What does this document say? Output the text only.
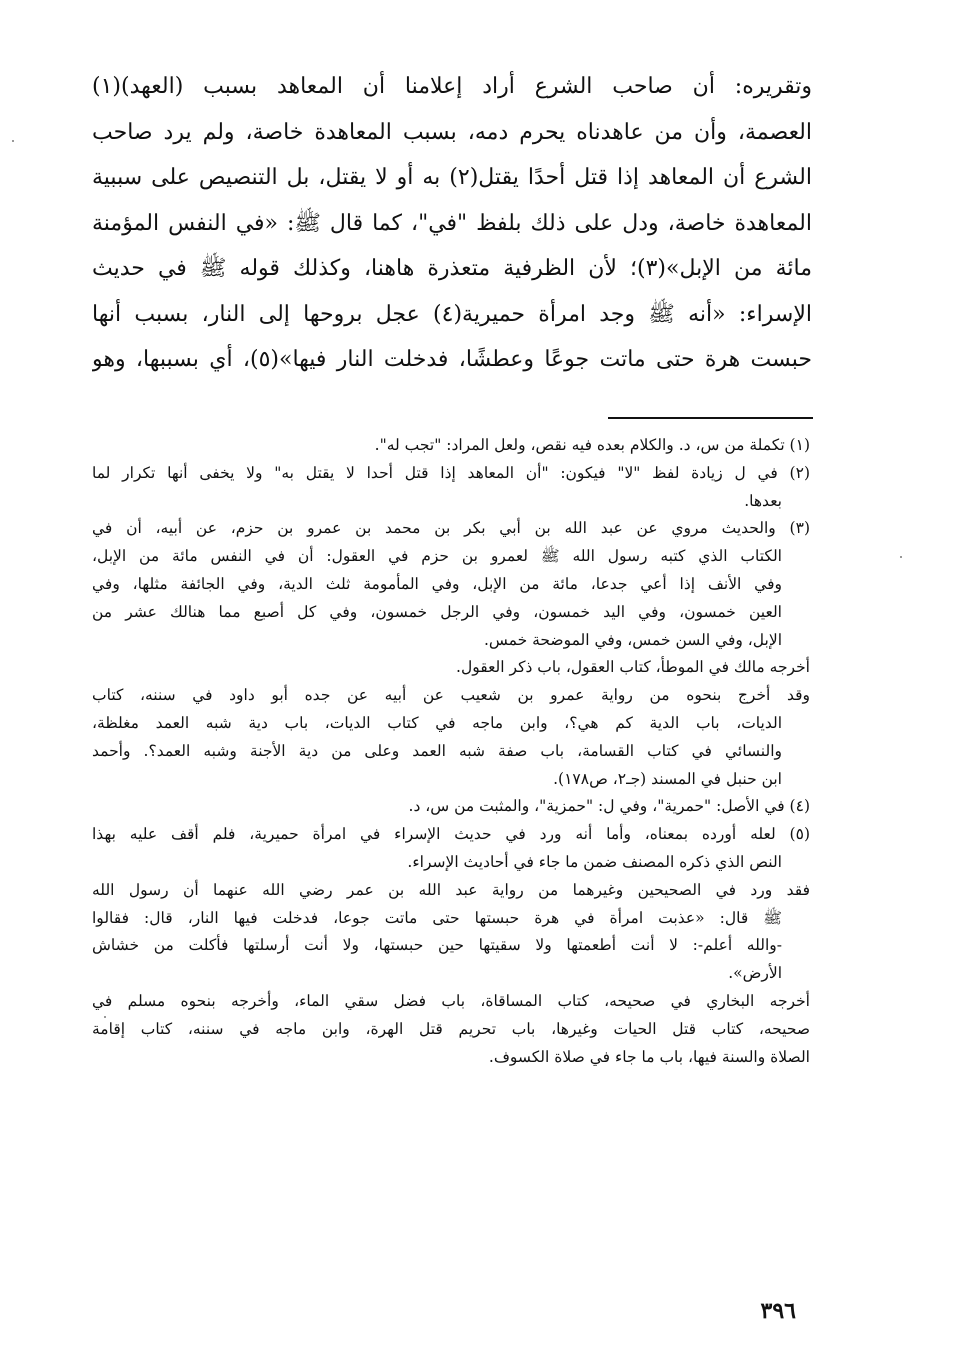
وتقريره: أن صاحب الشرع أراد إعلامنا أن المعاهد بسبب (العهد)(١)
العصمة، وأن من عاهدناه يحرم دمه، بسبب المعاهدة خاصة، ولم يرد صاحب
الشرع أن المعاهد إذا قتل أحدًا يقتل(٢) به أو لا يقتل، بل التنصيص على سببية
المعاهدة خاصة، ودل على ذلك بلفظ "في"، كما قال ﷺ: «في النفس المؤمنة
مائة من الإبل»(٣)؛ لأن الظرفية متعذرة هاهنا، وكذلك قوله ﷺ في حديث
الإسراء: «أنه ﷺ وجد امرأة حميرية(٤) عجل بروحها إلى النار، بسبب أنها
حبست هرة حتى ماتت جوعًا وعطشًا، فدخلت النار فيها»(٥)، أي بسببها، وهو
(١) تكملة من س، د. والكلام بعده فيه نقص، ولعل المراد: "تجب له".
(٢) في ل زيادة لفظ "لا" فيكون: "أن المعاهد إذا قتل أحدا لا يقتل به" ولا يخفى أنها تكرار لما
بعدها.
(٣) والحديث مروي عن عبد الله بن أبي بكر بن محمد بن عمرو بن حزم، عن أبيه، أن في
الكتاب الذي كتبه رسول الله ﷺ لعمرو بن حزم في العقول: أن في النفس مائة من الإبل،
وفي الأنف إذا أعي جدعا، مائة من الإبل، وفي المأمومة ثلث الدية، وفي الجائفة مثلها، وفي
العين خمسون، وفي اليد خمسون، وفي الرجل خمسون، وفي كل أصبع مما هنالك عشر من
الإبل، وفي السن خمس، وفي الموضحة خمس.
أخرجه مالك في الموطأ، كتاب العقول، باب ذكر العقول.
وقد أخرج بنحوه من رواية عمرو بن شعيب عن أبيه عن جده أبو داود في سننه، كتاب
الديات، باب الدية كم هي؟، وابن ماجه في كتاب الديات، باب دية شبه العمد مغلظة،
والنسائي في كتاب القسامة، باب صفة شبه العمد وعلى من دية الأجنة وشبه العمد؟. وأحمد
ابن حنبل في المسند (جـ٢، ص١٧٨).
(٤) في الأصل: "حمرية"، وفي ل: "حمزية"، والمثبت من س، د.
(٥) لعله أورده بمعناه، وأما أنه ورد في حديث الإسراء في امرأة حميرية، فلم أقف عليه بهذا
النص الذي ذكره المصنف ضمن ما جاء في أحاديث الإسراء.
فقد ورد في الصحيحين وغيرهما من رواية عبد الله بن عمر رضي الله عنهما أن رسول الله
ﷺ قال: «عذبت امرأة في هرة حبستها حتى ماتت جوعا، فدخلت فيها النار، قال: فقالوا
-والله أعلم-: لا أنت أطعمتها ولا سقيتها حين حبستها، ولا أنت أرسلتها فأكلت من خشاش
الأرض».
أخرجه البخاري في صحيحه، كتاب المساقاة، باب فضل سقي الماء، وأخرجه بنحوه مسلم في
صحيحه، كتاب قتل الحيات وغيرها، باب تحريم قتل الهرة، وابن ماجه في سننه، كتاب إقامة
الصلاة والسنة فيها، باب ما جاء في صلاة الكسوف.
٣٩٦
